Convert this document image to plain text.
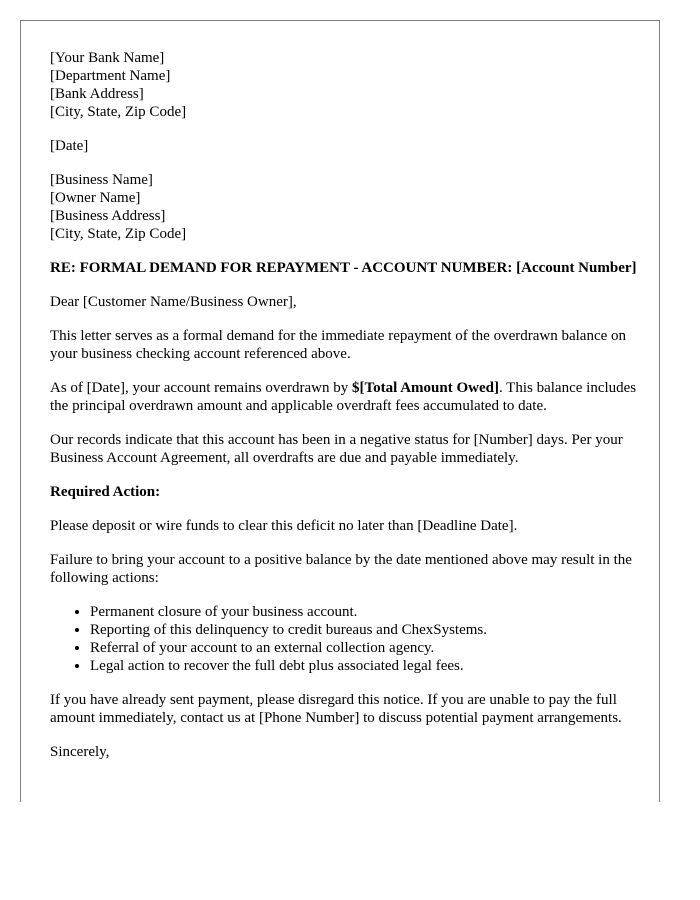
[Your Bank Name]
[Department Name]
[Bank Address]
[City, State, Zip Code]
[Date]
[Business Name]
[Owner Name]
[Business Address]
[City, State, Zip Code]
RE: FORMAL DEMAND FOR REPAYMENT - ACCOUNT NUMBER: [Account Number]

Dear [Customer Name/Business Owner],

This letter serves as a formal demand for the immediate repayment of the overdrawn balance on your business checking account referenced above.

As of [Date], your account remains overdrawn by $[Total Amount Owed]. This balance includes the principal overdrawn amount and applicable overdraft fees accumulated to date.

Our records indicate that this account has been in a negative status for [Number] days. Per your Business Account Agreement, all overdrafts are due and payable immediately.

Required Action:

Please deposit or wire funds to clear this deficit no later than [Deadline Date].

Failure to bring your account to a positive balance by the date mentioned above may result in the following actions:

• Permanent closure of your business account.
• Reporting of this delinquency to credit bureaus and ChexSystems.
• Referral of your account to an external collection agency.
• Legal action to recover the full debt plus associated legal fees.

If you have already sent payment, please disregard this notice. If you are unable to pay the full amount immediately, contact us at [Phone Number] to discuss potential payment arrangements.

Sincerely,
